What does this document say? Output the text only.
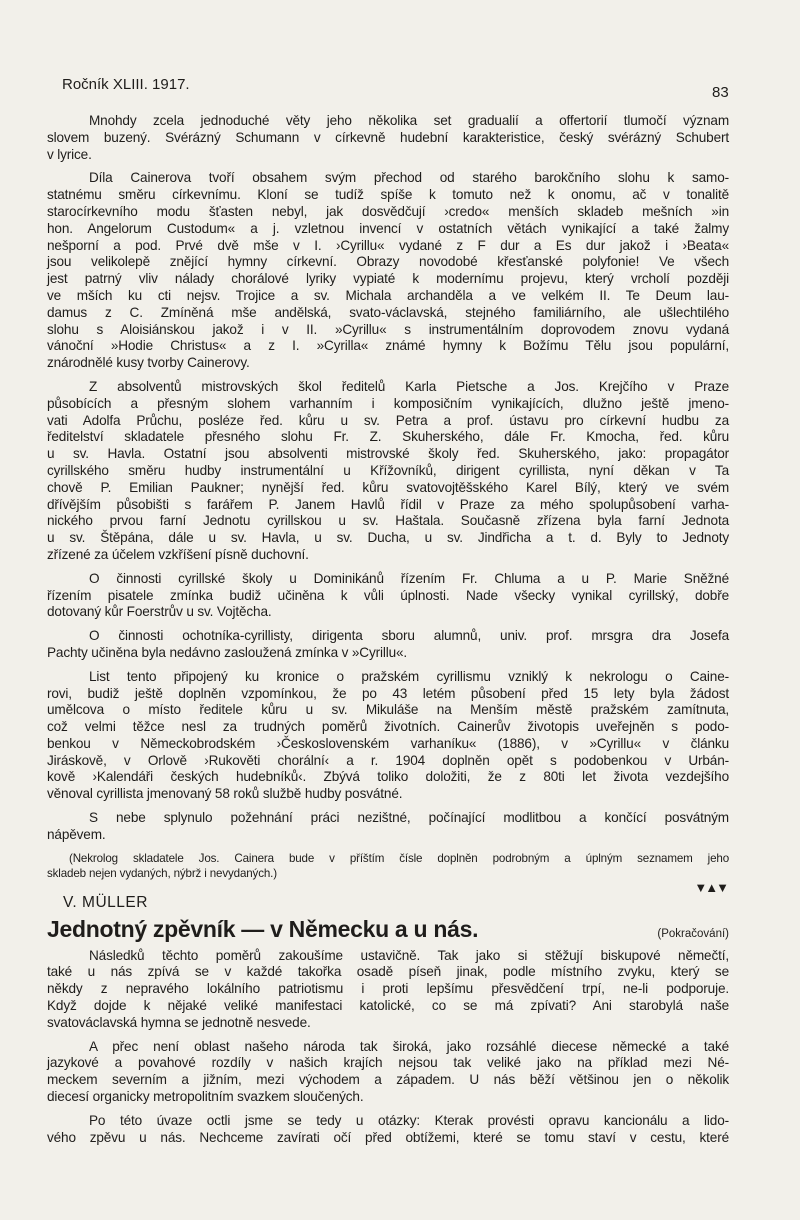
Ročník XLIII. 1917.	83
Mnohdy zcela jednoduché věty jeho několika set gradualií a offertorií tlumočí význam
slovem buzený. Svérázný Schumann v církevně hudební karakteristice, český svérázný Schubert
v lyrice.
Díla Cainerova tvoří obsahem svým přechod od starého barokčního slohu k samo-
statnému směru církevnímu. Kloní se tudíž spíše k tomuto než k onomu, ač v tonalitě
starocírkevního modu šťasten nebyl, jak dosvědčují ›credo« menších skladeb mešních »in
hon. Angelorum Custodum« a j. vzletnou invencí v ostatních větách vynikající a také žalmy
nešporní a pod. Prvé dvě mše v I. ›Cyrillu« vydané z F dur a Es dur jakož i ›Beata«
jsou velikolepě znějící hymny církevní. Obrazy novodobé křesťanské polyfonie! Ve všech
jest patrný vliv nálady chorálové lyriky vypiaté k modernímu projevu, který vrcholí později
ve mších ku cti nejsv. Trojice a sv. Michala archanděla a ve velkém II. Te Deum lau-
damus z C. Zmíněná mše andělská, svato-václavská, stejného familiárního, ale ušlechtilého
slohu s Aloisiánskou jakož i v II. »Cyrillu« s instrumentálním doprovodem znovu vydaná
vánoční »Hodie Christus« a z I. »Cyrilla« známé hymny k Božímu Tělu jsou populární,
znárodnělé kusy tvorby Cainerovy.
Z absolventů mistrovských škol ředitelů Karla Pietsche a Jos. Krejčího v Praze
působících a přesným slohem varhanním i komposičním vynikajících, dlužno ještě jmeno-
vati Adolfa Průchu, posléze řed. kůru u sv. Petra a prof. ústavu pro církevní hudbu za
ředitelství skladatele přesného slohu Fr. Z. Skuherského, dále Fr. Kmocha, řed. kůru
u sv. Havla. Ostatní jsou absolventi mistrovské školy řed. Skuherského, jako: propagátor
cyrillského směru hudby instrumentální u Křížovníků, dirigent cyrillista, nyní děkan v Ta
chově P. Emilian Paukner; nynější řed. kůru svatovojtěšského Karel Bílý, který ve svém
dřívějším působišti s farářem P. Janem Havlů řídil v Praze za mého spolupůsobení varha-
nického prvou farní Jednotu cyrillskou u sv. Haštala. Současně zřízena byla farní Jednota
u sv. Štěpána, dále u sv. Havla, u sv. Ducha, u sv. Jindřicha a t. d. Byly to Jednoty
zřízené za účelem vzkříšení písně duchovní.
O činnosti cyrillské školy u Dominikánů řízením Fr. Chluma a u P. Marie Sněžné
řízením pisatele zmínka budiž učiněna k vůli úplnosti. Nade všecky vynikal cyrillský, dobře
dotovaný kůr Foerstrův u sv. Vojtěcha.
O činnosti ochotníka-cyrillisty, dirigenta sboru alumnů, univ. prof. mrsgra dra Josefa
Pachty učiněna byla nedávno zasloužená zmínka v »Cyrillu«.
List tento připojený ku kronice o pražském cyrillismu vzniklý k nekrologu o Caine-
rovi, budiž ještě doplněn vzpomínkou, že po 43 letém působení před 15 lety byla žádost
umělcova o místo ředitele kůru u sv. Mikuláše na Menším městě pražském zamítnuta,
což velmi těžce nesl za trudných poměrů životních. Cainerův životopis uveřejněn s podo-
benkou v Německobrodském ›Československém varhaníku« (1886), v »Cyrillu« v článku
Jiráskově, v Orlově ›Rukověti chorální‹ a r. 1904 doplněn opět s podobenkou v Urbán-
kově ›Kalendáři českých hudebníků‹. Zbývá toliko doložiti, že z 80ti let života vezdejšího
věnoval cyrillista jmenovaný 58 roků službě hudby posvátné.
S nebe splynulo požehnání práci nezištné, počínající modlitbou a končící posvátným
nápěvem.
(Nekrolog skladatele Jos. Cainera bude v příštím čísle doplněn podrobným a úplným seznamem jeho
skladeb nejen vydaných, nýbrž i nevydaných.)
V. MÜLLER
▼▲▼
Jednotný zpěvník — v Německu a u nás.	(Pokračování)
Následků těchto poměrů zakoušíme ustavičně. Tak jako si stěžují biskupové němečtí,
také u nás zpívá se v každé takořka osadě píseň jinak, podle místního zvyku, který se
někdy z nepravého lokálního patriotismu i proti lepšímu přesvědčení trpí, ne-li podporuje.
Když dojde k nějaké veliké manifestaci katolické, co se má zpívati? Ani starobylá naše
svatováclavská hymna se jednotně nesvede.
A přec není oblast našeho národa tak široká, jako rozsáhlé diecese německé a také
jazykové a povahové rozdíly v našich krajích nejsou tak veliké jako na příklad mezi Né-
meckem severním a jižním, mezi východem a západem. U nás běží většinou jen o několik
diecesí organicky metropolitním svazkem sloučených.
Po této úvaze octli jsme se tedy u otázky: Kterak provésti opravu kancionálu a lido-
vého zpěvu u nás. Nechceme zavírati očí před obtížemi, které se tomu staví v cestu, které
